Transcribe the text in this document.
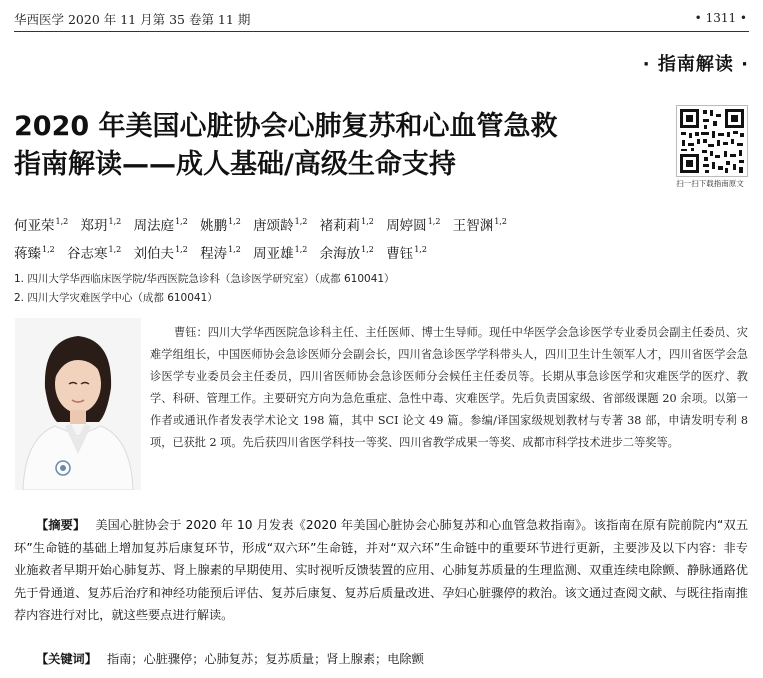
华西医学 2020 年 11 月第 35 卷第 11 期	• 1311 •
· 指南解读 ·
2020 年美国心脏协会心肺复苏和心血管急救
指南解读——成人基础/高级生命支持
扫一扫下载指南原文
何亚荣$^{1,2}$ 郑玥$^{1,2}$ 周法庭$^{1,2}$ 姚鹏$^{1,2}$ 唐颂龄$^{1,2}$ 褚莉莉$^{1,2}$ 周婷圆$^{1,2}$ 王智渊$^{1,2}$
蒋臻$^{1,2}$ 谷志寒$^{1,2}$ 刘伯夫$^{1,2}$ 程涛$^{1,2}$ 周亚雄$^{1,2}$ 余海放$^{1,2}$ 曹钰$^{1,2}$
1. 四川大学华西临床医学院/华西医院急诊科（急诊医学研究室）（成都 610041）
2. 四川大学灾难医学中心（成都 610041）
曹钰：四川大学华西医院急诊科主任、主任医师、博士生导师。现任中华医学会急诊医学专业委员会副主任委员、灾难学组组长，中国医师协会急诊医师分会副会长，四川省急诊医学学科带头人，四川卫生计生领军人才，四川省医学会急诊医学专业委员会主任委员，四川省医师协会急诊医师分会候任主任委员等。长期从事急诊医学和灾难医学的医疗、教学、科研、管理工作。主要研究方向为急危重症、急性中毒、灾难医学。先后负责国家级、省部级课题 20 余项。以第一作者或通讯作者发表学术论文 198 篇，其中 SCI 论文 49 篇。参编/译国家级规划教材与专著 38 部，申请发明专利 8 项，已获批 2 项。先后获四川省医学科技一等奖、四川省教学成果一等奖、成都市科学技术进步二等奖等。
【摘要】 美国心脏协会于 2020 年 10 月发表《2020 年美国心脏协会心肺复苏和心血管急救指南》。该指南在原有院前院内“双五环”生命链的基础上增加复苏后康复环节，形成“双六环”生命链，并对“双六环”生命链中的重要环节进行更新，主要涉及以下内容：非专业施救者早期开始心肺复苏、肾上腺素的早期使用、实时视听反馈装置的应用、心肺复苏质量的生理监测、双重连续电除颤、静脉通路优先于骨通道、复苏后治疗和神经功能预后评估、复苏后康复、复苏后质量改进、孕妇心脏骤停的救治。该文通过查阅文献、与既往指南推荐内容进行对比，就这些要点进行解读。
【关键词】 指南；心脏骤停；心肺复苏；复苏质量；肾上腺素；电除颤
